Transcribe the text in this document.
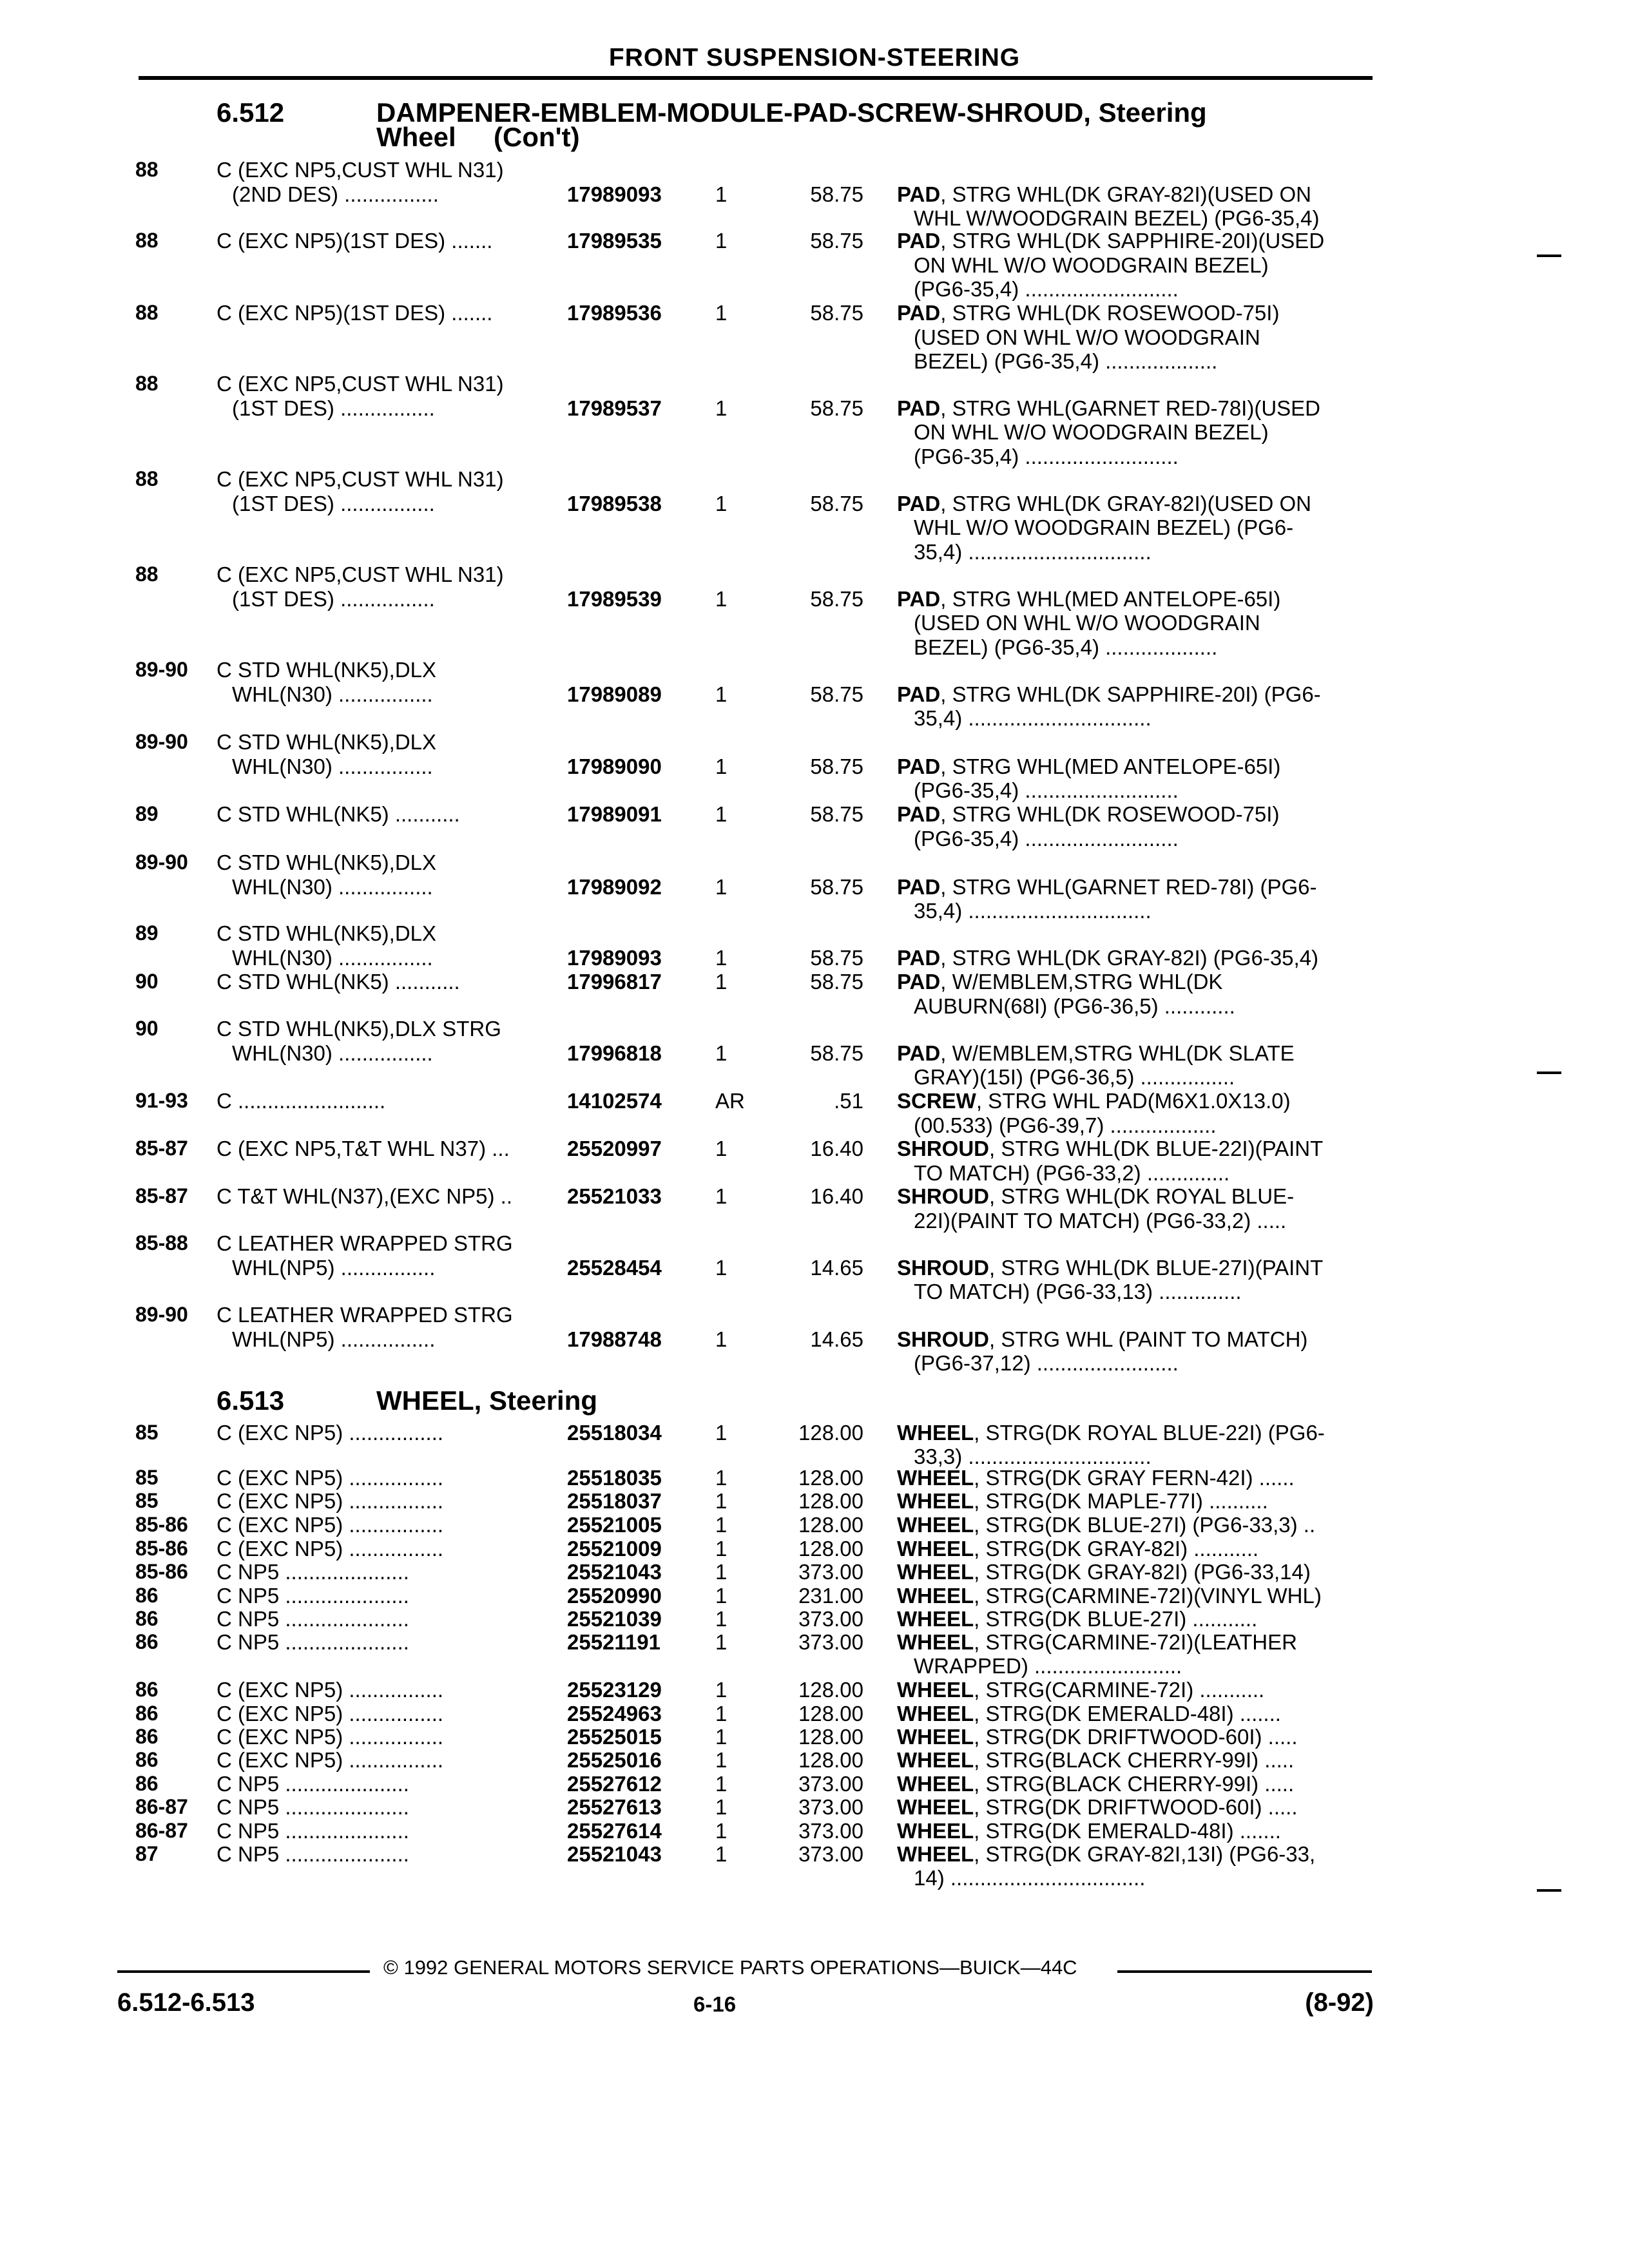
FRONT SUSPENSION-STEERING
6.512	DAMPENER-EMBLEM-MODULE-PAD-SCREW-SHROUD, Steering
Wheel     (Con't)
88	C (EXC NP5,CUST WHL N31)
(2ND DES) ................	17989093	1	58.75 PAD, STRG WHL(DK GRAY-82I)(USED ON
WHL W/WOODGRAIN BEZEL) (PG6-35,4)
88	C (EXC NP5)(1ST DES) .......	17989535	1	58.75 PAD, STRG WHL(DK SAPPHIRE-20I)(USED
ON WHL W/O WOODGRAIN BEZEL)
(PG6-35,4) ..........................
88	C (EXC NP5)(1ST DES) .......	17989536	1	58.75 PAD, STRG WHL(DK ROSEWOOD-75I)
(USED ON WHL W/O WOODGRAIN
BEZEL) (PG6-35,4) ...................
88	C (EXC NP5,CUST WHL N31)
(1ST DES) ................	17989537	1	58.75 PAD, STRG WHL(GARNET RED-78I)(USED
ON WHL W/O WOODGRAIN BEZEL)
(PG6-35,4) ..........................
88	C (EXC NP5,CUST WHL N31)
(1ST DES) ................	17989538	1	58.75 PAD, STRG WHL(DK GRAY-82I)(USED ON
WHL W/O WOODGRAIN BEZEL) (PG6-
35,4) ...............................
88	C (EXC NP5,CUST WHL N31)
(1ST DES) ................	17989539	1	58.75 PAD, STRG WHL(MED ANTELOPE-65I)
(USED ON WHL W/O WOODGRAIN
BEZEL) (PG6-35,4) ...................
89-90	C STD WHL(NK5),DLX
WHL(N30) ................	17989089	1	58.75 PAD, STRG WHL(DK SAPPHIRE-20I) (PG6-
35,4) ...............................
89-90	C STD WHL(NK5),DLX
WHL(N30) ................	17989090	1	58.75 PAD, STRG WHL(MED ANTELOPE-65I)
(PG6-35,4) ..........................
89	C STD WHL(NK5) ...........	17989091	1	58.75 PAD, STRG WHL(DK ROSEWOOD-75I)
(PG6-35,4) ..........................
89-90	C STD WHL(NK5),DLX
WHL(N30) ................	17989092	1	58.75 PAD, STRG WHL(GARNET RED-78I) (PG6-
35,4) ...............................
89	C STD WHL(NK5),DLX
WHL(N30) ................	17989093	1	58.75 PAD, STRG WHL(DK GRAY-82I) (PG6-35,4)
90	C STD WHL(NK5) ...........	17996817	1	58.75 PAD, W/EMBLEM,STRG WHL(DK
AUBURN(68I) (PG6-36,5) ............
90	C STD WHL(NK5),DLX STRG
WHL(N30) ................	17996818	1	58.75 PAD, W/EMBLEM,STRG WHL(DK SLATE
GRAY)(15I) (PG6-36,5) ................
91-93	C .........................	14102574	AR	.51 SCREW, STRG WHL PAD(M6X1.0X13.0)
(00.533) (PG6-39,7) ..................
85-87	C (EXC NP5,T&T WHL N37) ...	25520997	1	16.40 SHROUD, STRG WHL(DK BLUE-22I)(PAINT
TO MATCH) (PG6-33,2) ..............
85-87	C T&T WHL(N37),(EXC NP5) ..	25521033	1	16.40 SHROUD, STRG WHL(DK ROYAL BLUE-
22I)(PAINT TO MATCH) (PG6-33,2) .....
85-88	C LEATHER WRAPPED STRG
WHL(NP5) ................	25528454	1	14.65 SHROUD, STRG WHL(DK BLUE-27I)(PAINT
TO MATCH) (PG6-33,13) ..............
89-90	C LEATHER WRAPPED STRG
WHL(NP5) ................	17988748	1	14.65 SHROUD, STRG WHL (PAINT TO MATCH)
(PG6-37,12) ........................
6.513	WHEEL, Steering
85	C (EXC NP5) ................	25518034	1	128.00 WHEEL, STRG(DK ROYAL BLUE-22I) (PG6-
33,3) ...............................
85	C (EXC NP5) ................	25518035	1	128.00 WHEEL, STRG(DK GRAY FERN-42I) ......
85	C (EXC NP5) ................	25518037	1	128.00 WHEEL, STRG(DK MAPLE-77I) ..........
85-86	C (EXC NP5) ................	25521005	1	128.00 WHEEL, STRG(DK BLUE-27I) (PG6-33,3) ..
85-86	C (EXC NP5) ................	25521009	1	128.00 WHEEL, STRG(DK GRAY-82I) ...........
85-86	C NP5 .....................	25521043	1	373.00 WHEEL, STRG(DK GRAY-82I) (PG6-33,14)
86	C NP5 .....................	25520990	1	231.00 WHEEL, STRG(CARMINE-72I)(VINYL WHL)
86	C NP5 .....................	25521039	1	373.00 WHEEL, STRG(DK BLUE-27I) ...........
86	C NP5 .....................	25521191	1	373.00 WHEEL, STRG(CARMINE-72I)(LEATHER
WRAPPED) .........................
86	C (EXC NP5) ................	25523129	1	128.00 WHEEL, STRG(CARMINE-72I) ...........
86	C (EXC NP5) ................	25524963	1	128.00 WHEEL, STRG(DK EMERALD-48I) .......
86	C (EXC NP5) ................	25525015	1	128.00 WHEEL, STRG(DK DRIFTWOOD-60I) .....
86	C (EXC NP5) ................	25525016	1	128.00 WHEEL, STRG(BLACK CHERRY-99I) .....
86	C NP5 .....................	25527612	1	373.00 WHEEL, STRG(BLACK CHERRY-99I) .....
86-87	C NP5 .....................	25527613	1	373.00 WHEEL, STRG(DK DRIFTWOOD-60I) .....
86-87	C NP5 .....................	25527614	1	373.00 WHEEL, STRG(DK EMERALD-48I) .......
87	C NP5 .....................	25521043	1	373.00 WHEEL, STRG(DK GRAY-82I,13I) (PG6-33,
14) .................................
© 1992 GENERAL MOTORS SERVICE PARTS OPERATIONS—BUICK—44C
6.512-6.513	6-16	(8-92)
